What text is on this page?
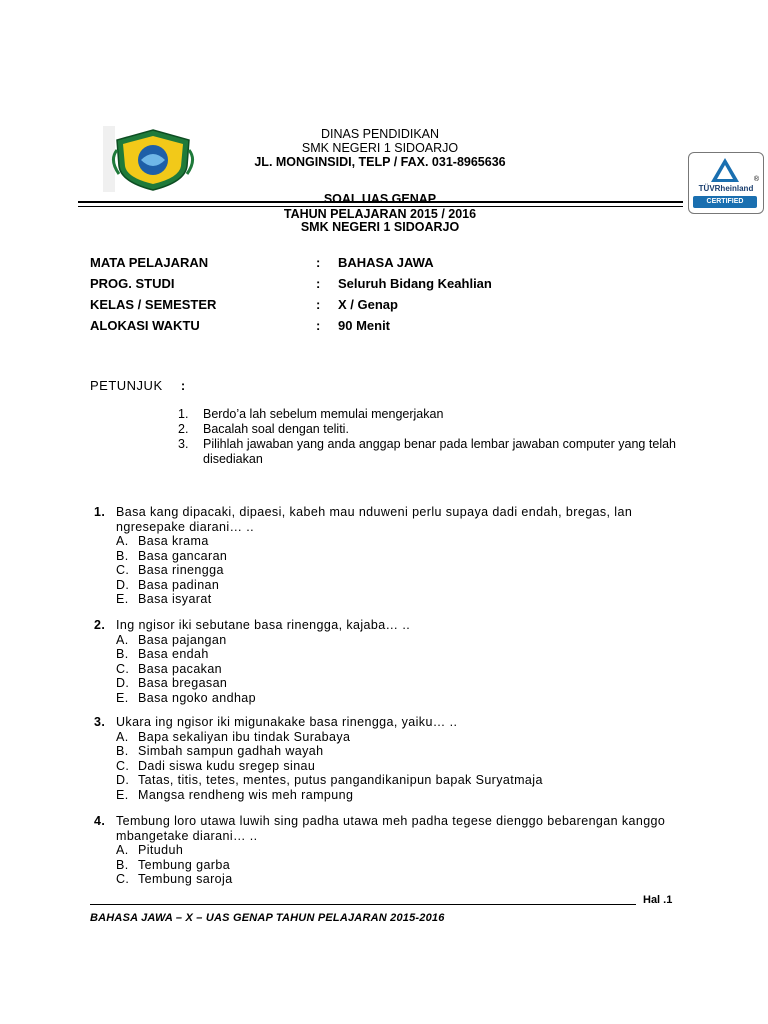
DINAS PENDIDIKAN
SMK NEGERI 1 SIDOARJO
JL. MONGINSIDI, TELP / FAX. 031-8965636
TÜVRheinland
®
CERTIFIED
SOAL UAS GENAP
TAHUN PELAJARAN 2015 / 2016
SMK NEGERI 1 SIDOARJO
MATA PELAJARAN	: BAHASA JAWA
PROG. STUDI	: Seluruh Bidang Keahlian
KELAS / SEMESTER	: X / Genap
ALOKASI WAKTU	: 90 Menit
PETUNJUK :
1.	Berdo’a lah sebelum memulai mengerjakan
2.	Bacalah soal dengan teliti.
3.	Pilihlah jawaban yang anda anggap benar pada lembar jawaban computer yang telah disediakan
1. Basa kang dipacaki, dipaesi, kabeh mau nduweni perlu supaya dadi endah, bregas, lan ngresepake diarani… ..
A. Basa krama
B. Basa gancaran
C. Basa rinengga
D. Basa padinan
E. Basa isyarat
2. Ing ngisor iki sebutane basa rinengga, kajaba… ..
A. Basa pajangan
B. Basa endah
C. Basa pacakan
D. Basa bregasan
E. Basa ngoko andhap
3. Ukara ing ngisor iki migunakake basa rinengga, yaiku… ..
A. Bapa sekaliyan ibu tindak Surabaya
B. Simbah sampun gadhah wayah
C. Dadi siswa kudu sregep sinau
D. Tatas, titis, tetes, mentes, putus pangandikanipun bapak Suryatmaja
E. Mangsa rendheng wis meh rampung
4. Tembung loro utawa luwih sing padha utawa meh padha tegese dienggo bebarengan kanggo mbangetake diarani… ..
A. Pituduh
B. Tembung garba
C. Tembung saroja
Hal .1
BAHASA JAWA – X – UAS GENAP TAHUN PELAJARAN 2015-2016
